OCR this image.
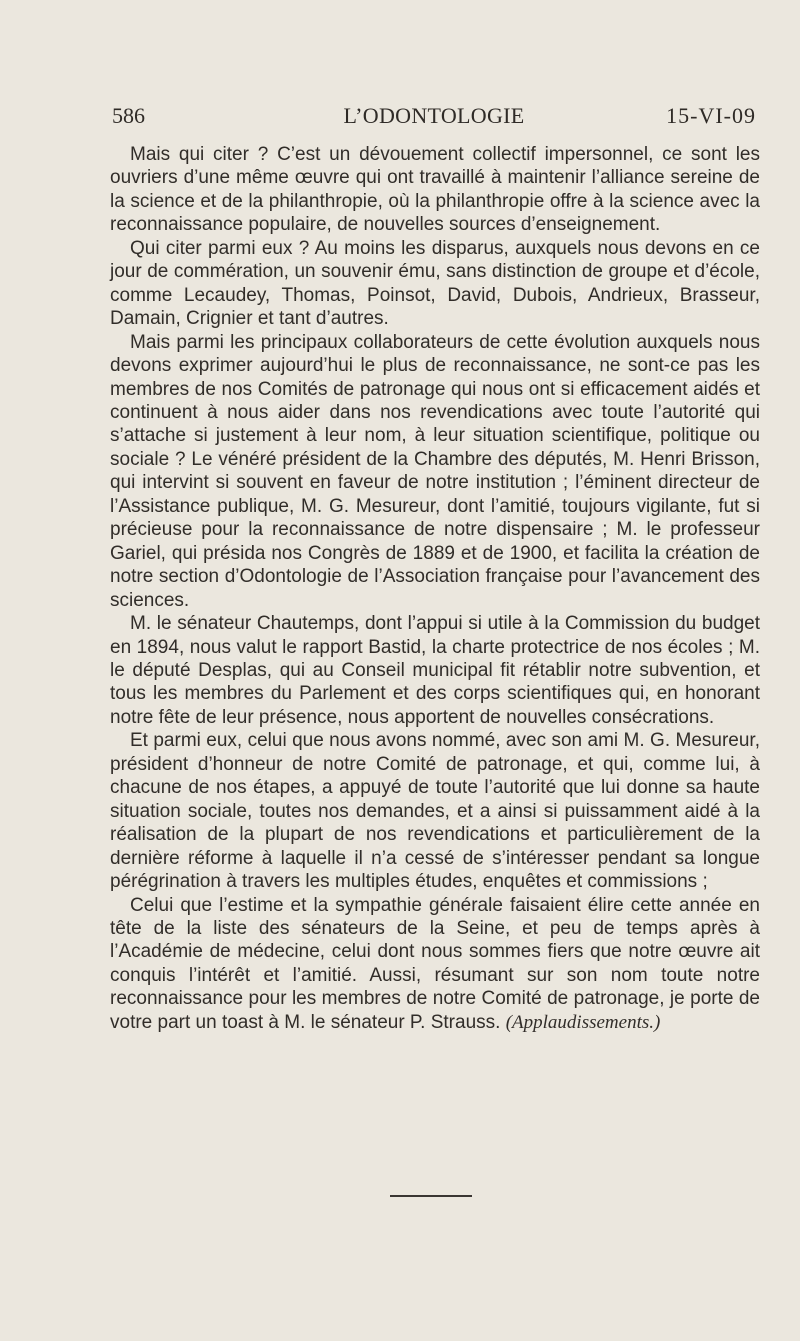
586	L’ODONTOLOGIE	15-VI-09

Mais qui citer ? C’est un dévouement collectif impersonnel, ce sont les ouvriers d’une même œuvre qui ont travaillé à maintenir l’alliance sereine de la science et de la philanthropie, où la philanthropie offre à la science avec la reconnaissance populaire, de nouvelles sources d’enseignement.

Qui citer parmi eux ? Au moins les disparus, auxquels nous devons en ce jour de commération, un souvenir ému, sans distinction de groupe et d’école, comme Lecaudey, Thomas, Poinsot, David, Dubois, Andrieux, Brasseur, Damain, Crignier et tant d’autres.

Mais parmi les principaux collaborateurs de cette évolution auxquels nous devons exprimer aujourd’hui le plus de reconnaissance, ne sont-ce pas les membres de nos Comités de patronage qui nous ont si efficacement aidés et continuent à nous aider dans nos revendications avec toute l’autorité qui s’attache si justement à leur nom, à leur situation scientifique, politique ou sociale ? Le vénéré président de la Chambre des députés, M. Henri Brisson, qui intervint si souvent en faveur de notre institution ; l’éminent directeur de l’Assistance publique, M. G. Mesureur, dont l’amitié, toujours vigilante, fut si précieuse pour la reconnaissance de notre dispensaire ; M. le professeur Gariel, qui présida nos Congrès de 1889 et de 1900, et facilita la création de notre section d’Odontologie de l’Association française pour l’avancement des sciences.

M. le sénateur Chautemps, dont l’appui si utile à la Commission du budget en 1894, nous valut le rapport Bastid, la charte protectrice de nos écoles ; M. le député Desplas, qui au Conseil municipal fit rétablir notre subvention, et tous les membres du Parlement et des corps scientifiques qui, en honorant notre fête de leur présence, nous apportent de nouvelles consécrations.

Et parmi eux, celui que nous avons nommé, avec son ami M. G. Mesureur, président d’honneur de notre Comité de patronage, et qui, comme lui, à chacune de nos étapes, a appuyé de toute l’autorité que lui donne sa haute situation sociale, toutes nos demandes, et a ainsi si puissamment aidé à la réalisation de la plupart de nos revendications et particulièrement de la dernière réforme à laquelle il n’a cessé de s’intéresser pendant sa longue pérégrination à travers les multiples études, enquêtes et commissions ;

Celui que l’estime et la sympathie générale faisaient élire cette année en tête de la liste des sénateurs de la Seine, et peu de temps après à l’Académie de médecine, celui dont nous sommes fiers que notre œuvre ait conquis l’intérêt et l’amitié. Aussi, résumant sur son nom toute notre reconnaissance pour les membres de notre Comité de patronage, je porte de votre part un toast à M. le sénateur P. Strauss. (Applaudissements.)
